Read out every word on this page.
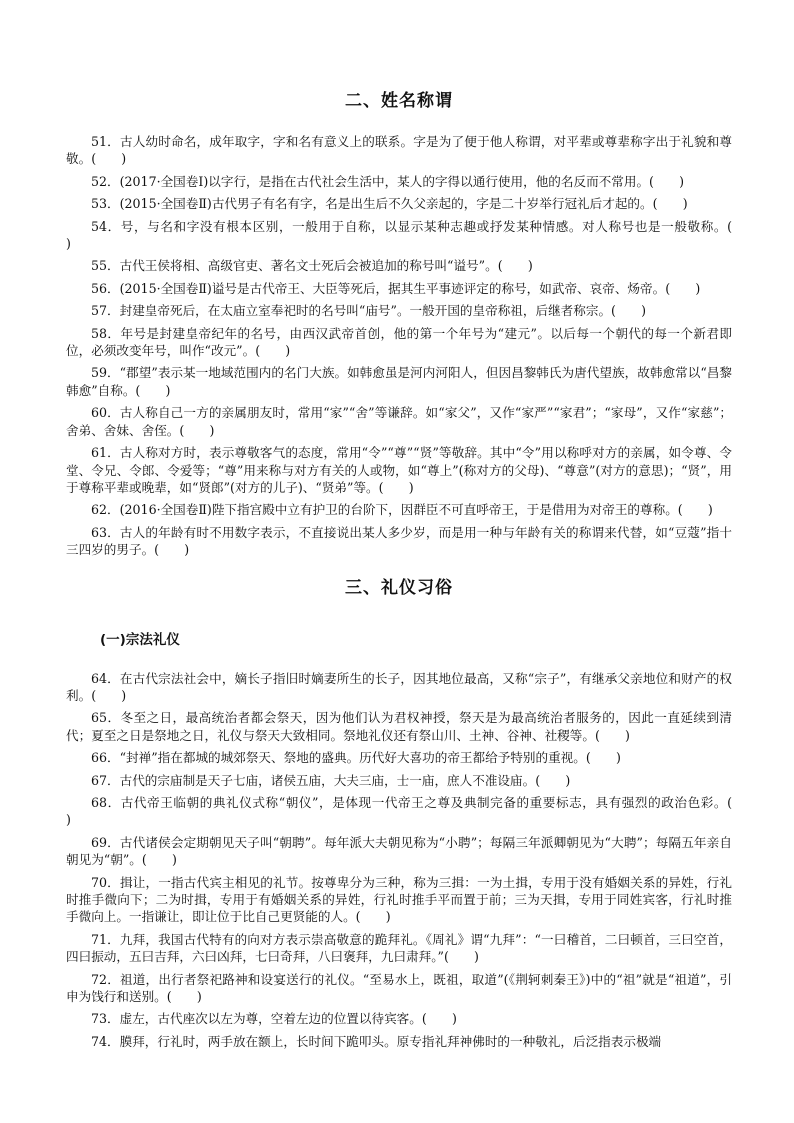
二、姓名称谓

51．古人幼时命名，成年取字，字和名有意义上的联系。字是为了便于他人称谓，对平辈或尊辈称字出于礼貌和尊敬。(　　)

52．(2017·全国卷Ⅰ)以字行，是指在古代社会生活中，某人的字得以通行使用，他的名反而不常用。(　　)

53．(2015·全国卷Ⅱ)古代男子有名有字，名是出生后不久父亲起的，字是二十岁举行冠礼后才起的。(　　)

54．号，与名和字没有根本区别，一般用于自称，以显示某种志趣或抒发某种情感。对人称号也是一般敬称。(　　)

55．古代王侯将相、高级官吏、著名文士死后会被追加的称号叫“谥号”。(　　)

56．(2015·全国卷Ⅱ)谥号是古代帝王、大臣等死后，据其生平事迹评定的称号，如武帝、哀帝、炀帝。(　　)

57．封建皇帝死后，在太庙立室奉祀时的名号叫“庙号”。一般开国的皇帝称祖，后继者称宗。(　　)

58．年号是封建皇帝纪年的名号，由西汉武帝首创，他的第一个年号为“建元”。以后每一个朝代的每一个新君即位，必须改变年号，叫作“改元”。(　　)

59．“郡望”表示某一地域范围内的名门大族。如韩愈虽是河内河阳人，但因昌黎韩氏为唐代望族，故韩愈常以“昌黎韩愈”自称。(　　)

60．古人称自己一方的亲属朋友时，常用“家”“舍”等谦辞。如“家父”，又作“家严”“家君”；“家母”，又作“家慈”；舍弟、舍妹、舍侄。(　　)

61．古人称对方时，表示尊敬客气的态度，常用“令”“尊”“贤”等敬辞。其中“令”用以称呼对方的亲属，如令尊、令堂、令兄、令郎、令爱等；“尊”用来称与对方有关的人或物，如“尊上”(称对方的父母)、“尊意”(对方的意思)；“贤”，用于尊称平辈或晚辈，如“贤郎”(对方的儿子)、“贤弟”等。(　　)

62．(2016·全国卷Ⅱ)陛下指宫殿中立有护卫的台阶下，因群臣不可直呼帝王，于是借用为对帝王的尊称。(　　)

63．古人的年龄有时不用数字表示，不直接说出某人多少岁，而是用一种与年龄有关的称谓来代替，如“豆蔻”指十三四岁的男子。(　　)

三、礼仪习俗
(一)宗法礼仪

64．在古代宗法社会中，嫡长子指旧时嫡妻所生的长子，因其地位最高，又称“宗子”，有继承父亲地位和财产的权利。(　　)

65．冬至之日，最高统治者都会祭天，因为他们认为君权神授，祭天是为最高统治者服务的，因此一直延续到清代；夏至之日是祭地之日，礼仪与祭天大致相同。祭地礼仪还有祭山川、土神、谷神、社稷等。(　　)

66．“封禅”指在都城的城郊祭天、祭地的盛典。历代好大喜功的帝王都给予特别的重视。(　　)

67．古代的宗庙制是天子七庙，诸侯五庙，大夫三庙，士一庙，庶人不准设庙。(　　)

68．古代帝王临朝的典礼仪式称“朝仪”，是体现一代帝王之尊及典制完备的重要标志，具有强烈的政治色彩。(　　)

69．古代诸侯会定期朝见天子叫“朝聘”。每年派大夫朝见称为“小聘”；每隔三年派卿朝见为“大聘”；每隔五年亲自朝见为“朝”。(　　)

70．揖让，一指古代宾主相见的礼节。按尊卑分为三种，称为三揖：一为土揖，专用于没有婚姻关系的异姓，行礼时推手微向下；二为时揖，专用于有婚姻关系的异姓，行礼时推手平而置于前；三为天揖，专用于同姓宾客，行礼时推手微向上。一指谦让，即让位于比自己更贤能的人。(　　)

71．九拜，我国古代特有的向对方表示崇高敬意的跪拜礼。《周礼》谓“九拜”：“一曰稽首，二曰顿首，三曰空首，四曰振动，五曰吉拜，六曰凶拜，七曰奇拜，八曰褒拜，九曰肃拜。”(　　)

72．祖道，出行者祭祀路神和设宴送行的礼仪。“至易水上，既祖，取道”(《荆轲刺秦王》)中的“祖”就是“祖道”，引申为饯行和送别。(　　)

73．虚左，古代座次以左为尊，空着左边的位置以待宾客。(　　)

74．膜拜，行礼时，两手放在额上，长时间下跪叩头。原专指礼拜神佛时的一种敬礼，后泛指表示极端
